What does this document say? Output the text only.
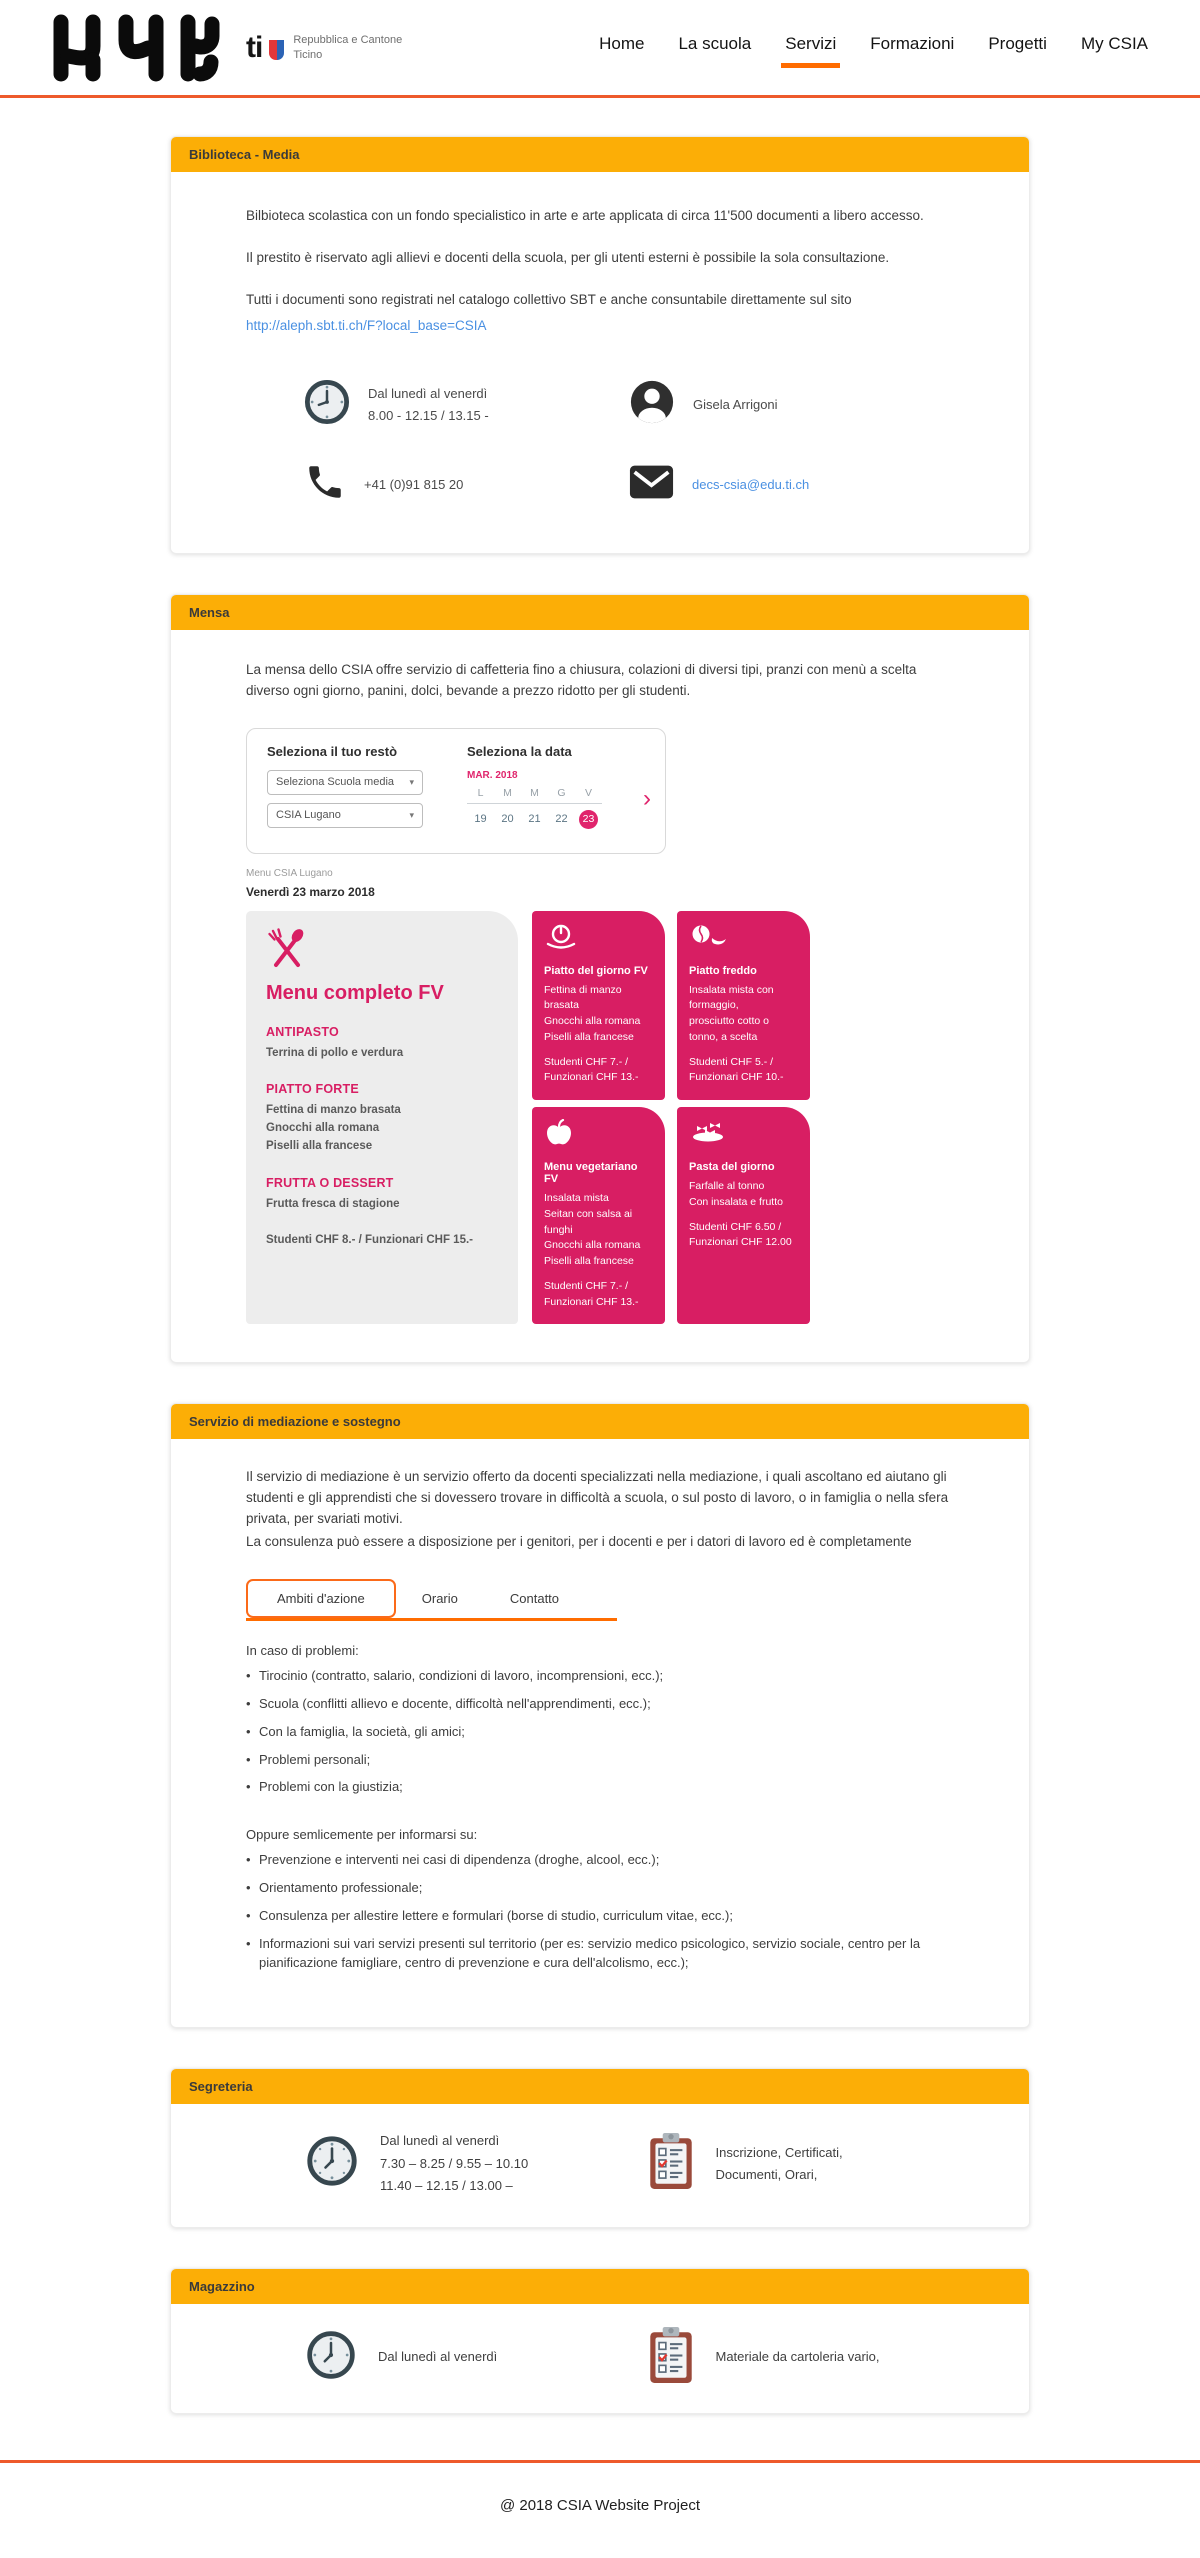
ti	Repubblica e Cantone
Ticino
Home La scuola Servizi Formazioni Progetti My CSIA
Biblioteca - Media

Bilbioteca scolastica con un fondo specialistico in arte e arte applicata di circa 11'500 documenti a libero accesso.

Il prestito è riservato agli allievi e docenti della scuola, per gli utenti esterni è possibile la sola consultazione.

Tutti i documenti sono registrati nel catalogo collettivo SBT e anche consuntabile direttamente sul sito

http://aleph.sbt.ti.ch/F?local_base=CSIA
Dal lunedì al venerdì
8.00 - 12.15 / 13.15 -
Gisela Arrigoni
+41 (0)91 815 20	decs-csia@edu.ti.ch
Mensa

La mensa dello CSIA offre servizio di caffetteria fino a chiusura, colazioni di diversi tipi, pranzi con menù a scelta diverso ogni giorno, panini, dolci, bevande a prezzo ridotto per gli studenti.

Seleziona il tuo restò
Seleziona Scuola media ▾
CSIA Lugano	▾
Seleziona la data
MAR. 2018
L	M	M	G	V
19	20	21	22	23
›
Menu CSIA Lugano
Venerdì 23 marzo 2018
Menu completo FV
ANTIPASTO
Terrina di pollo e verdura
PIATTO FORTE
Fettina di manzo brasata
Gnocchi alla romana
Piselli alla francese
FRUTTA O DESSERT
Frutta fresca di stagione
Studenti CHF 8.- / Funzionari CHF 15.-
Piatto del giorno FV
Fettina di manzo brasata
Gnocchi alla romana
Piselli alla francese
Studenti CHF 7.- / Funzionari CHF 13.-
Piatto freddo
Insalata mista con formaggio,
prosciutto cotto o tonno, a scelta
Studenti CHF 5.- / Funzionari CHF 10.-
Menu vegetariano FV
Insalata mista
Seitan con salsa ai funghi
Gnocchi alla romana
Piselli alla francese
Studenti CHF 7.- / Funzionari CHF 13.-
Pasta del giorno
Farfalle al tonno
Con insalata e frutto
Studenti CHF 6.50 / Funzionari CHF 12.00
Servizio di mediazione e sostegno

Il servizio di mediazione è un servizio offerto da docenti specializzati nella mediazione, i quali ascoltano ed aiutano gli studenti e gli apprendisti che si dovessero trovare in difficoltà a scuola, o sul posto di lavoro, o in famiglia o nella sfera privata, per svariati motivi.

La consulenza può essere a disposizione per i genitori, per i docenti e per i datori di lavoro ed è completamente

Ambiti d'azione	Orario	Contatto
In caso di problemi:
• Tirocinio (contratto, salario, condizioni di lavoro, incomprensioni, ecc.);
• Scuola (conflitti allievo e docente, difficoltà nell'apprendimenti, ecc.);
• Con la famiglia, la società, gli amici;
• Problemi personali;
• Problemi con la giustizia;
Oppure semlicemente per informarsi su:
• Prevenzione e interventi nei casi di dipendenza (droghe, alcool, ecc.);
• Orientamento professionale;
• Consulenza per allestire lettere e formulari (borse di studio, curriculum vitae, ecc.);
• Informazioni sui vari servizi presenti sul territorio (per es: servizio medico psicologico, servizio sociale, centro per la pianificazione famigliare, centro di prevenzione e cura dell'alcolismo, ecc.);
Segreteria
Dal lunedì al venerdì
7.30 – 8.25 / 9.55 – 10.10
11.40 – 12.15 / 13.00 –
Inscrizione, Certificati,
Documenti, Orari,
Magazzino
Dal lunedì al venerdì	Materiale da cartoleria vario,
@ 2018 CSIA Website Project
